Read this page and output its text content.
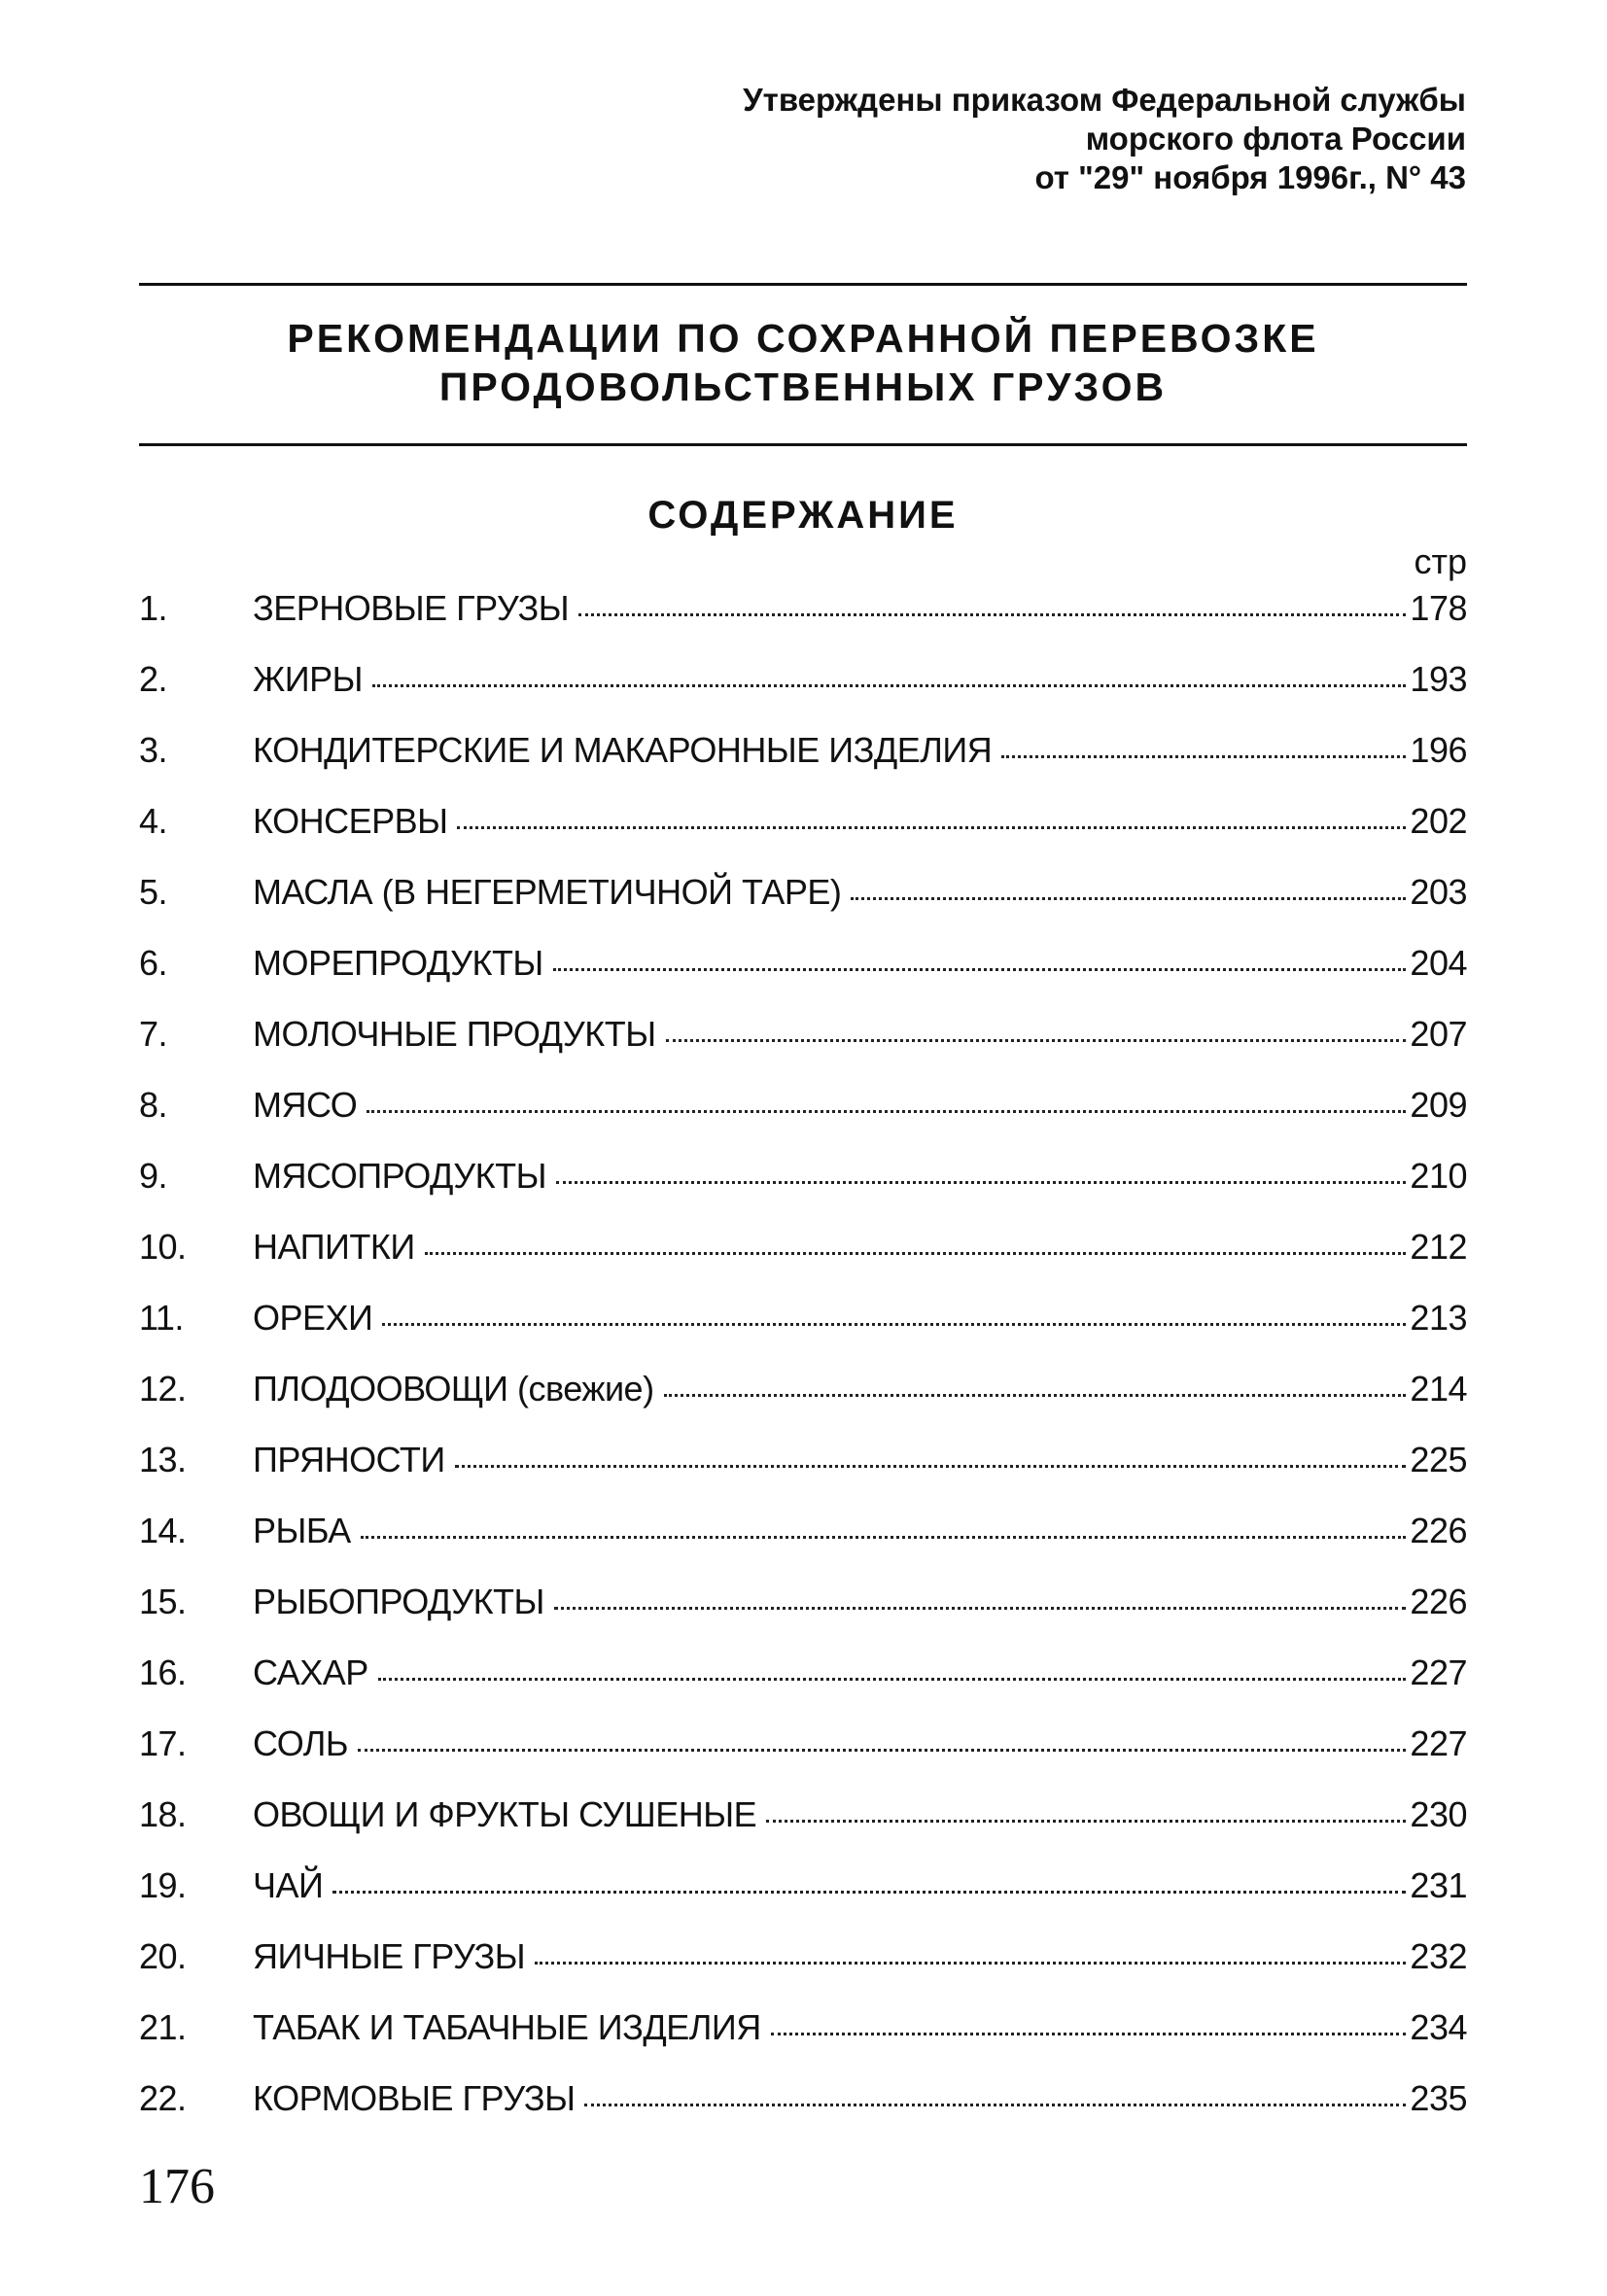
Утверждены приказом Федеральной службы
морского флота России
от "29" ноября 1996г., N° 43
РЕКОМЕНДАЦИИ ПО СОХРАННОЙ ПЕРЕВОЗКЕ
ПРОДОВОЛЬСТВЕННЫХ ГРУЗОВ
СОДЕРЖАНИЕ
стр
1.	ЗЕРНОВЫЕ ГРУЗЫ	178
2.	ЖИРЫ	193
3.	КОНДИТЕРСКИЕ И МАКАРОННЫЕ ИЗДЕЛИЯ	196
4.	КОНСЕРВЫ	202
5.	МАСЛА (В НЕГЕРМЕТИЧНОЙ ТАРЕ)	203
6.	МОРЕПРОДУКТЫ	204
7.	МОЛОЧНЫЕ ПРОДУКТЫ	207
8.	МЯСО	209
9.	МЯСОПРОДУКТЫ	210
10.	НАПИТКИ	212
11.	ОРЕХИ	213
12.	ПЛОДООВОЩИ (свежие)	214
13.	ПРЯНОСТИ	225
14.	РЫБА	226
15.	РЫБОПРОДУКТЫ	226
16.	САХАР	227
17.	СОЛЬ	227
18.	ОВОЩИ И ФРУКТЫ СУШЕНЫЕ	230
19.	ЧАЙ	231
20.	ЯИЧНЫЕ ГРУЗЫ	232
21.	ТАБАК И ТАБАЧНЫЕ ИЗДЕЛИЯ	234
22.	КОРМОВЫЕ ГРУЗЫ	235
176
